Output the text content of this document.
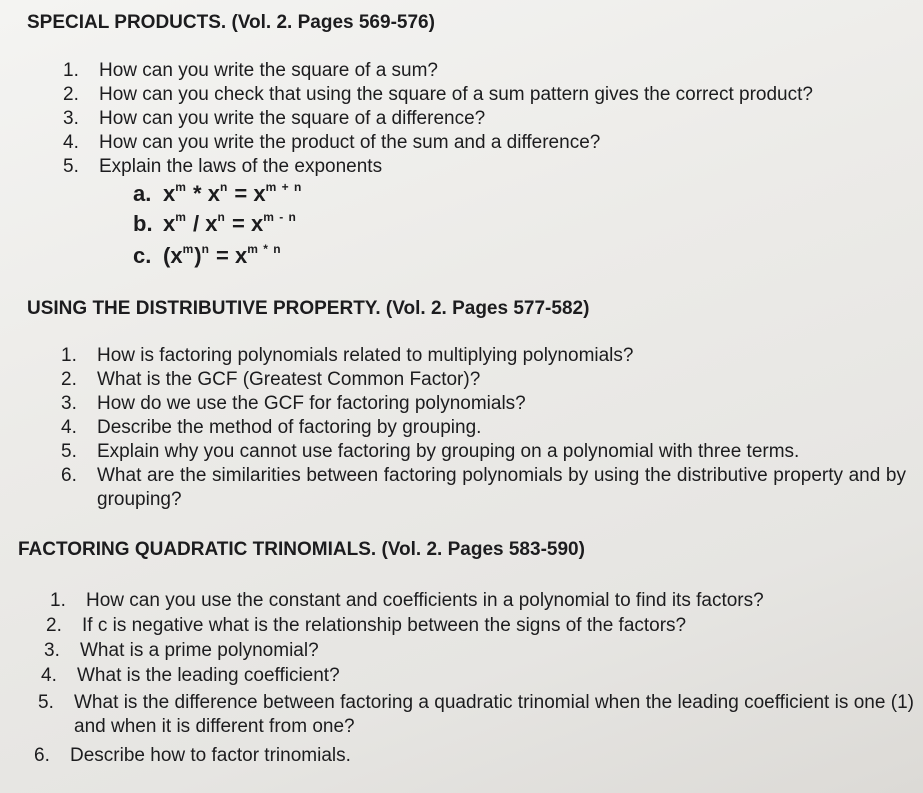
SPECIAL PRODUCTS. (Vol. 2. Pages 569-576)
1. How can you write the square of a sum?
2. How can you check that using the square of a sum pattern gives the correct product?
3. How can you write the square of a difference?
4. How can you write the product of the sum and a difference?
5. Explain the laws of the exponents
a. $x^m * x^n = x^{m + n}$
b. $x^m / x^n = x^{m - n}$
c. $(x^m)^n = x^{m * n}$
USING THE DISTRIBUTIVE PROPERTY. (Vol. 2. Pages 577-582)
1. How is factoring polynomials related to multiplying polynomials?
2. What is the GCF (Greatest Common Factor)?
3. How do we use the GCF for factoring polynomials?
4. Describe the method of factoring by grouping.
5. Explain why you cannot use factoring by grouping on a polynomial with three terms.
6.	What are the similarities between factoring polynomials by using the distributive property and by grouping?
FACTORING QUADRATIC TRINOMIALS. (Vol. 2. Pages 583-590)
1. How can you use the constant and coefficients in a polynomial to find its factors?
2. If c is negative what is the relationship between the signs of the factors?
3. What is a prime polynomial?
4. What is the leading coefficient?
5.	What is the difference between factoring a quadratic trinomial when the leading coefficient is one (1) and when it is different from one?
6. Describe how to factor trinomials.
